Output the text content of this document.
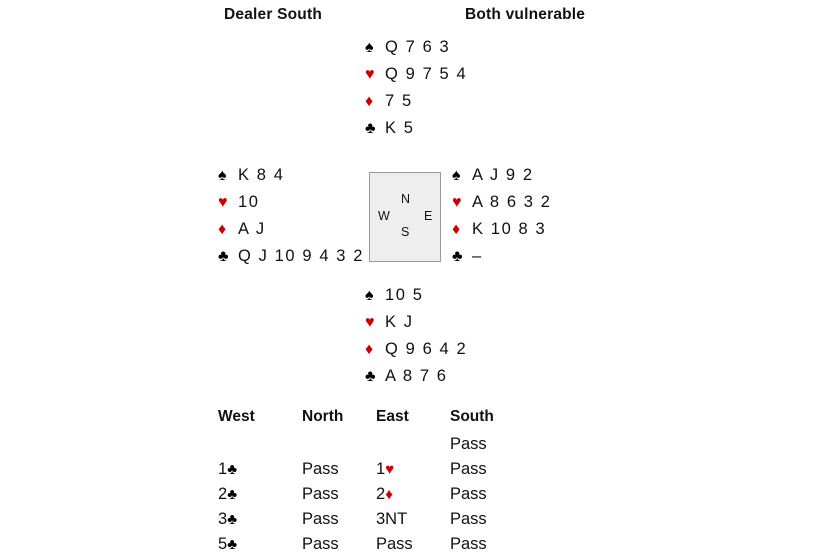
Dealer South	Both vulnerable
♠ Q 7 6 3
♥ Q 9 7 5 4
♦ 7 5
♣ K 5
♠ K 8 4
♥ 10
♦ A J
♣ Q J 10 9 4 3 2
N
W	E
S
♠ A J 9 2
♥ A 8 6 3 2
♦ K 10 8 3
♣ –
♠ 10 5
♥ K J
♦ Q 9 6 4 2
♣ A 8 7 6
West	North	East	South
			Pass
1♣	Pass	1♥	Pass
2♣	Pass	2♦	Pass
3♣	Pass	3NT	Pass
5♣	Pass	Pass	Pass
